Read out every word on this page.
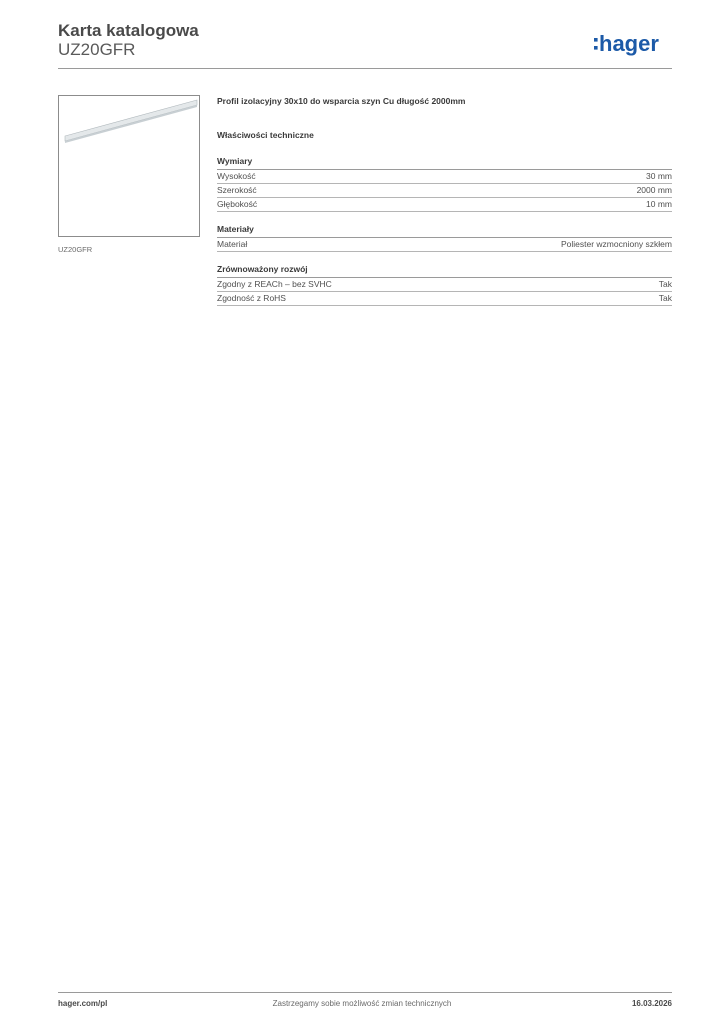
Karta katalogowa
UZ20GFR	hager
UZ20GFR
Profil izolacyjny 30x10 do wsparcia szyn Cu długość 2000mm
Właściwości techniczne
Wymiary
Wysokość	30 mm
Szerokość	2000 mm
Głębokość	10 mm
Materiały
Materiał	Poliester wzmocniony szkłem
Zrównoważony rozwój
Zgodny z REACh – bez SVHC	Tak
Zgodność z RoHS	Tak
hager.com/pl	Zastrzegamy sobie możliwość zmian technicznych	16.03.2026
